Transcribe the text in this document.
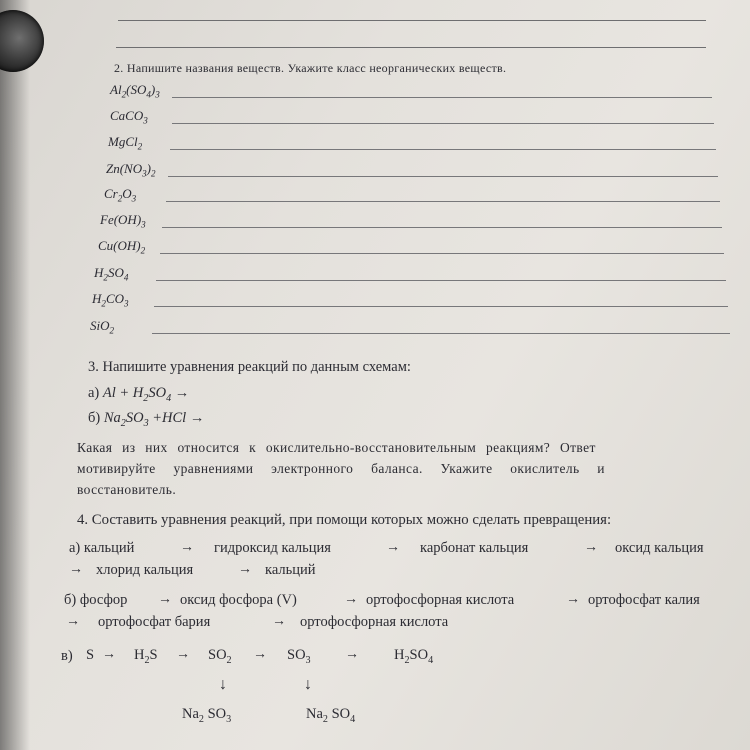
2. Напишите названия веществ. Укажите класс неорганических веществ.
$Al_2(SO_4)_3$
CaCO$_3$
MgCl$_2$
$Zn(NO_3)_2$
$Cr_2O_3$
$Fe(OH)_3$
$Cu(OH)_2$
$H_2SO_4$
$H_2CO_3$
SiO$_2$
3. Напишите уравнения реакций по данным схемам:
а) $Al + H_2SO_4$ →
б) $Na_2SO_3 +HCl$ →
Какая из них относится к окислительно-восстановительным реакциям? Ответ
мотивируйте уравнениями электронного баланса. Укажите окислитель и
восстановитель.
4. Составить уравнения реакций, при помощи которых можно сделать превращения:
а) кальций	→ гидроксид кальция	→ карбонат кальция	→ оксид кальция
→ хлорид кальция	→ кальций
б) фосфор → оксид фосфора (V)	→ ортофосфорная кислота	→ ортофосфат калия
→ ортофосфат бария	→ ортофосфорная кислота
в) $S \to H_2S \to SO_2 \to SO_3 \to H_2SO_4$
↓	↓
$Na_2$ $SO_3$	$Na_2$ $SO_4$
